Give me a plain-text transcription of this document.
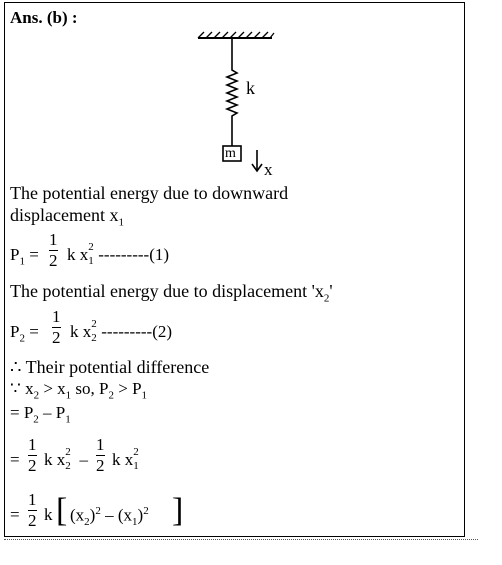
Ans. (b) :
k
m
x
The potential energy due to downward
displacement $x_1$
$P_1$ =
1
2 k x 2
1 ---------(1)
The potential energy due to displacement '$x_2$'
$P_2$ =
1
2 k x 2
2 ---------(2)
∴ Their potential difference
∵ $x_2 > x_1$ so, $P_2 > P_1$
= $P_2 - P_1$
=
1
2 k x 2
2 –
1
2 k x 2
1
=
1
2 k [ $(x_2)^2 - (x_1)^2$ ]
